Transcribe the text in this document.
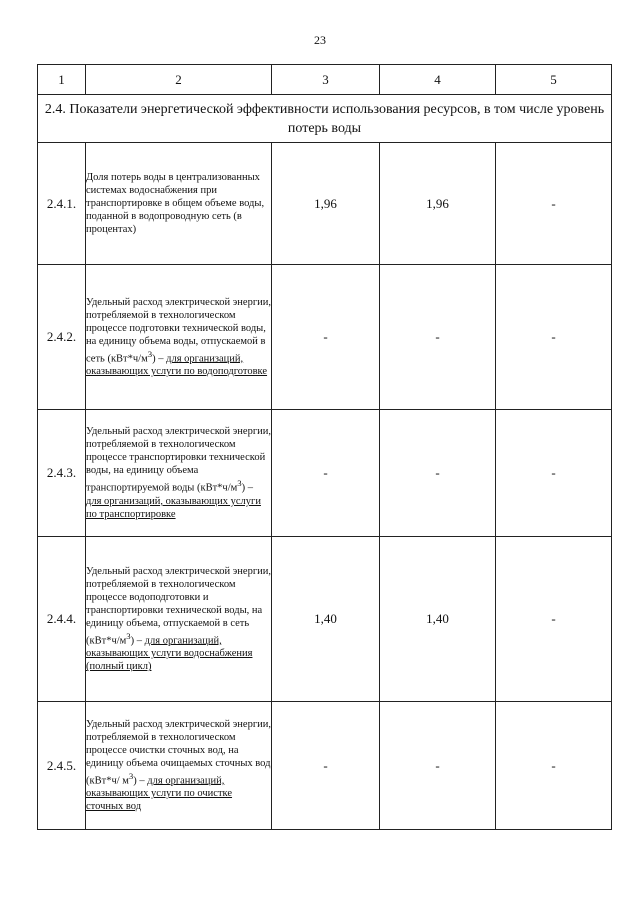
23
1	2	3	4	5
2.4. Показатели энергетической эффективности использования ресурсов, в том числе уровень потерь воды				
2.4.1.	Доля потерь воды в централизованных системах водоснабжения при транспортировке в общем объеме воды, поданной в водопроводную сеть (в процентах)	1,96	1,96	-
2.4.2.	Удельный расход электрической энергии, потребляемой в технологическом процессе подготовки технической воды, на единицу объема воды, отпускаемой в сеть $(кВт*ч/м^3)$ – для организаций, оказывающих услуги по водоподготовке	-	-	-
2.4.3.	Удельный расход электрической энергии, потребляемой в технологическом процессе транспортировки технической воды, на единицу объема транспортируемой воды $(кВт*ч/м^3)$ – для организаций, оказывающих услуги по транспортировке	-	-	-
2.4.4.	Удельный расход электрической энергии, потребляемой в технологическом процессе водоподготовки и транспортировки технической воды, на единицу объема, отпускаемой в сеть $(кВт*ч/м^3)$ – для организаций, оказывающих услуги водоснабжения (полный цикл)	1,40	1,40	-
2.4.5.	Удельный расход электрической энергии, потребляемой в технологическом процессе очистки сточных вод, на единицу объема очищаемых сточных вод (кВт*ч/ $м^3$) – для организаций, оказывающих услуги по очистке сточных вод	-	-	-
